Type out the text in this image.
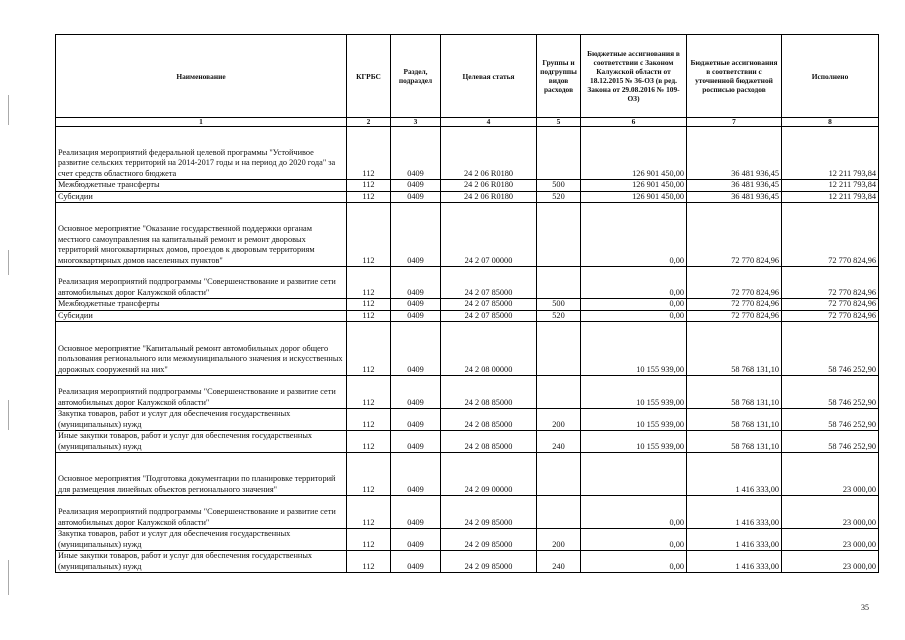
Наименование	КГРБС	Раздел, подраздел	Целевая статья	Группы и подгруппы видов расходов	Бюджетные ассигнования в соответствии с Законом Калужской области от 18.12.2015 № 36-ОЗ (в ред. Закона от 29.08.2016 № 109-ОЗ)	Бюджетные ассигнования в соответствии с уточненной бюджетной росписью расходов	Исполнено
1	2	3	4	5	6	7	8
Реализация мероприятий федеральной целевой программы "Устойчивое развитие сельских территорий на 2014-2017 годы и на период до 2020 года" за счет средств областного бюджета	112	0409	24 2 06 R0180		126 901 450,00	36 481 936,45	12 211 793,84
Межбюджетные трансферты	112	0409	24 2 06 R0180	500	126 901 450,00	36 481 936,45	12 211 793,84
Субсидии	112	0409	24 2 06 R0180	520	126 901 450,00	36 481 936,45	12 211 793,84
Основное мероприятие "Оказание государственной поддержки органам местного самоуправления на капитальный ремонт и ремонт дворовых территорий многоквартирных домов, проездов к дворовым территориям многоквартирных домов населенных пунктов"	112	0409	24 2 07 00000		0,00	72 770 824,96	72 770 824,96
Реализация мероприятий подпрограммы "Совершенствование и развитие сети автомобильных дорог Калужской области"	112	0409	24 2 07 85000		0,00	72 770 824,96	72 770 824,96
Межбюджетные трансферты	112	0409	24 2 07 85000	500	0,00	72 770 824,96	72 770 824,96
Субсидии	112	0409	24 2 07 85000	520	0,00	72 770 824,96	72 770 824,96
Основное мероприятие "Капитальный ремонт автомобильных дорог общего пользования регионального или межмуниципального значения и искусственных дорожных сооружений на них"	112	0409	24 2 08 00000		10 155 939,00	58 768 131,10	58 746 252,90
Реализация мероприятий подпрограммы "Совершенствование и развитие сети автомобильных дорог Калужской области"	112	0409	24 2 08 85000		10 155 939,00	58 768 131,10	58 746 252,90
Закупка товаров, работ и услуг для обеспечения государственных (муниципальных) нужд	112	0409	24 2 08 85000	200	10 155 939,00	58 768 131,10	58 746 252,90
Иные закупки товаров, работ и услуг для обеспечения государственных (муниципальных) нужд	112	0409	24 2 08 85000	240	10 155 939,00	58 768 131,10	58 746 252,90
Основное мероприятия "Подготовка документации по планировке территорий для размещения линейных объектов регионального значения"	112	0409	24 2 09 00000			1 416 333,00	23 000,00
Реализация мероприятий подпрограммы "Совершенствование и развитие сети автомобильных дорог Калужской области"	112	0409	24 2 09 85000		0,00	1 416 333,00	23 000,00
Закупка товаров, работ и услуг для обеспечения государственных (муниципальных) нужд	112	0409	24 2 09 85000	200	0,00	1 416 333,00	23 000,00
Иные закупки товаров, работ и услуг для обеспечения государственных (муниципальных) нужд	112	0409	24 2 09 85000	240	0,00	1 416 333,00	23 000,00
35
